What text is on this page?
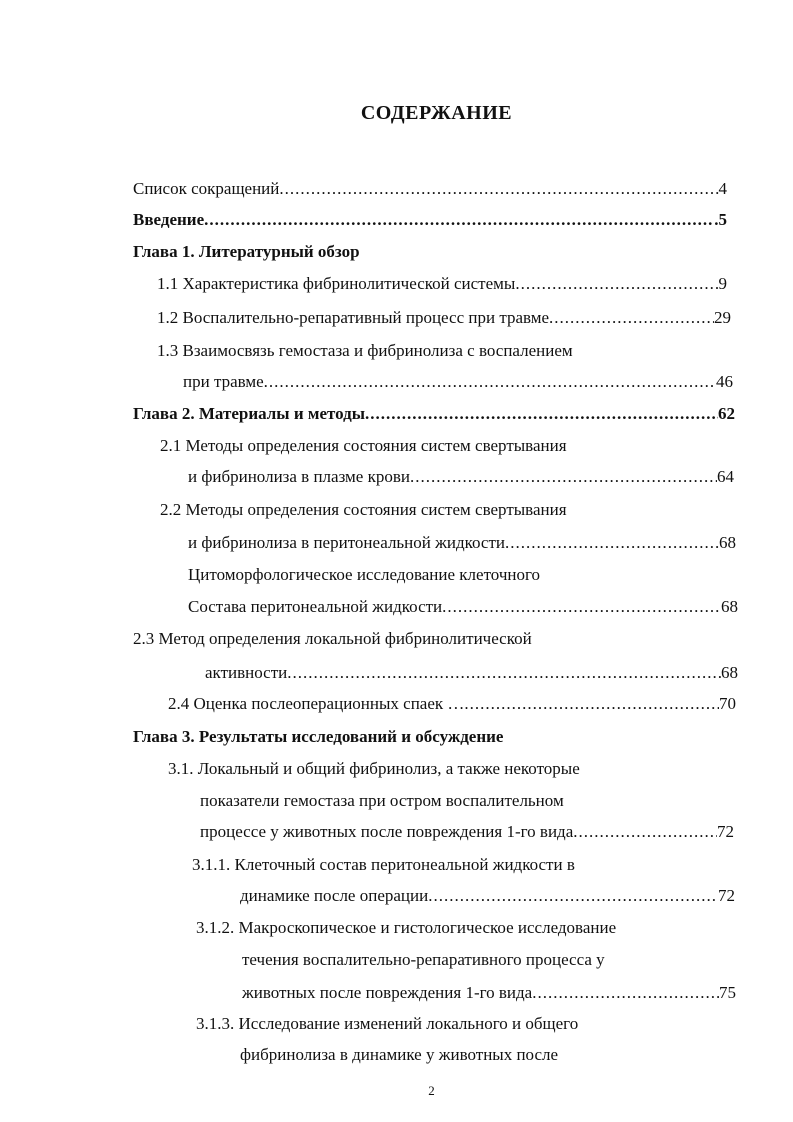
СОДЕРЖАНИЕ
Список сокращений .....	4
Введение .....	.5
Глава 1. Литературный обзор
1.1 Характеристика фибринолитической системы .....	9
1.2 Воспалительно-репаративный процесс при травме .....	29
1.3 Взаимосвязь гемостаза и фибринолиза с воспалением
при травме .....	46
Глава 2. Материалы и методы .....	62
2.1 Методы определения состояния систем свертывания
и фибринолиза в плазме крови .....	64
2.2 Методы определения состояния систем свертывания
и фибринолиза в перитонеальной жидкости .....	68
Цитоморфологическое исследование клеточного
Состава перитонеальной жидкости .....	68
2.3 Метод определения локальной фибринолитической
активности .....	68
2.4 Оценка послеоперационных спаек … .....	70
Глава 3. Результаты исследований и обсуждение
3.1. Локальный и общий фибринолиз, а также некоторые
показатели гемостаза при остром воспалительном
процессе у животных после повреждения 1-го вида .....	72
3.1.1. Клеточный состав перитонеальной жидкости в
динамике после операции .....	72
3.1.2. Макроскопическое и гистологическое исследование
течения воспалительно-репаративного процесса у
животных после повреждения 1-го вида .....	75
3.1.3. Исследование изменений локального и общего
фибринолиза в динамике у животных после
2
